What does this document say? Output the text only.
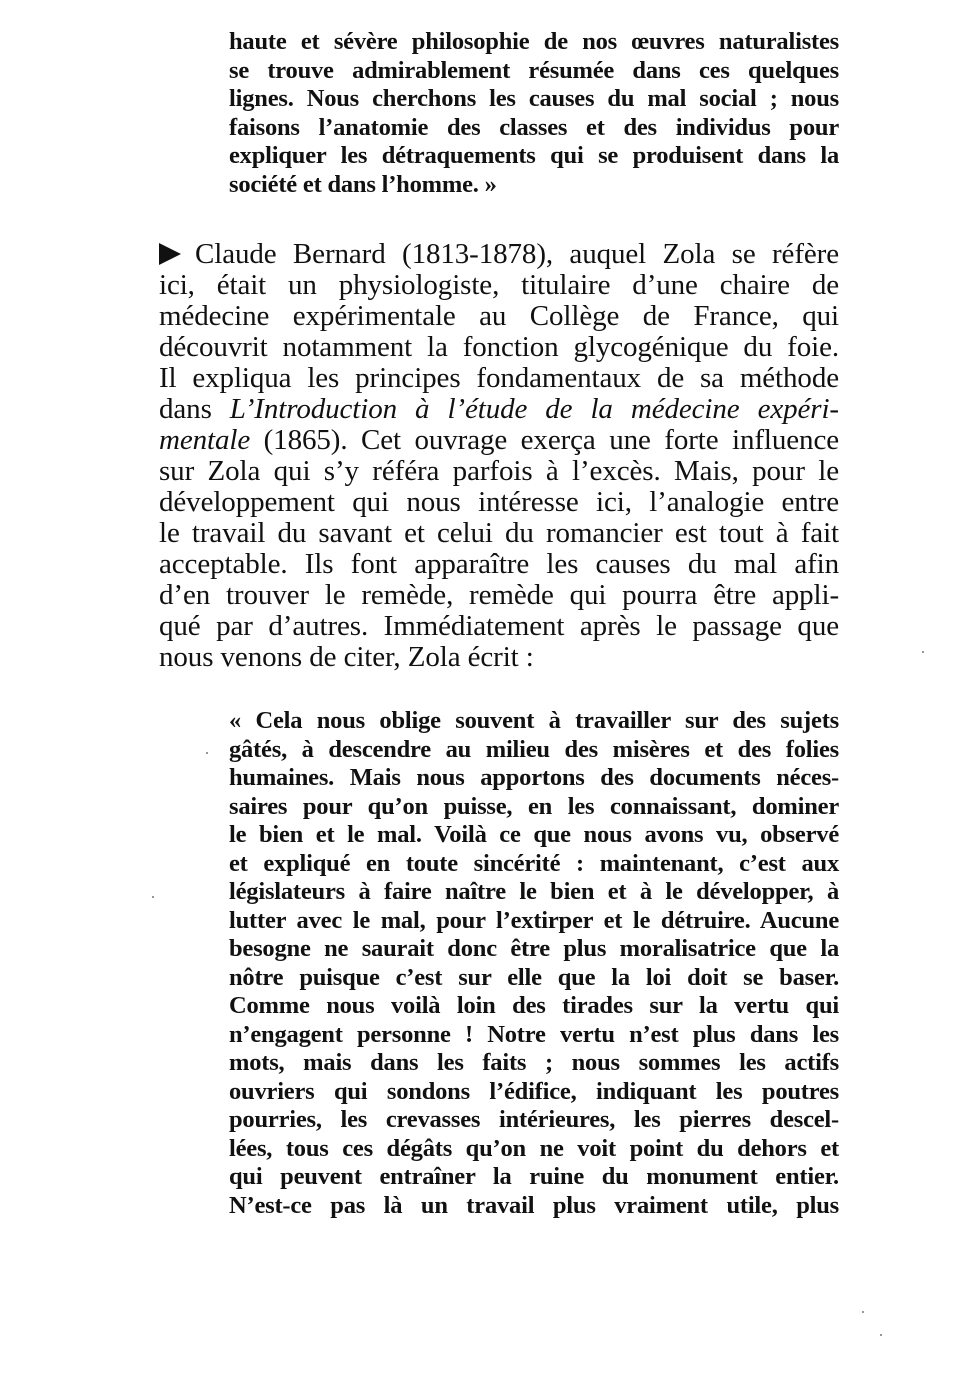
haute et sévère philosophie de nos œuvres naturalistes
se trouve admirablement résumée dans ces quelques
lignes. Nous cherchons les causes du mal social ; nous
faisons l’anatomie des classes et des individus pour
expliquer les détraquements qui se produisent dans la
société et dans l’homme. »
Claude Bernard (1813-1878), auquel Zola se réfère
ici, était un physiologiste, titulaire d’une chaire de
médecine expérimentale au Collège de France, qui
découvrit notamment la fonction glycogénique du foie.
Il expliqua les principes fondamentaux de sa méthode
dans L’Introduction à l’étude de la médecine expéri-
mentale (1865). Cet ouvrage exerça une forte influence
sur Zola qui s’y référa parfois à l’excès. Mais, pour le
développement qui nous intéresse ici, l’analogie entre
le travail du savant et celui du romancier est tout à fait
acceptable. Ils font apparaître les causes du mal afin
d’en trouver le remède, remède qui pourra être appli-
qué par d’autres. Immédiatement après le passage que
nous venons de citer, Zola écrit :
« Cela nous oblige souvent à travailler sur des sujets
gâtés, à descendre au milieu des misères et des folies
humaines. Mais nous apportons des documents néces-
saires pour qu’on puisse, en les connaissant, dominer
le bien et le mal. Voilà ce que nous avons vu, observé
et expliqué en toute sincérité : maintenant, c’est aux
législateurs à faire naître le bien et à le développer, à
lutter avec le mal, pour l’extirper et le détruire. Aucune
besogne ne saurait donc être plus moralisatrice que la
nôtre puisque c’est sur elle que la loi doit se baser.
Comme nous voilà loin des tirades sur la vertu qui
n’engagent personne ! Notre vertu n’est plus dans les
mots, mais dans les faits ; nous sommes les actifs
ouvriers qui sondons l’édifice, indiquant les poutres
pourries, les crevasses intérieures, les pierres descel-
lées, tous ces dégâts qu’on ne voit point du dehors et
qui peuvent entraîner la ruine du monument entier.
N’est-ce pas là un travail plus vraiment utile, plus
